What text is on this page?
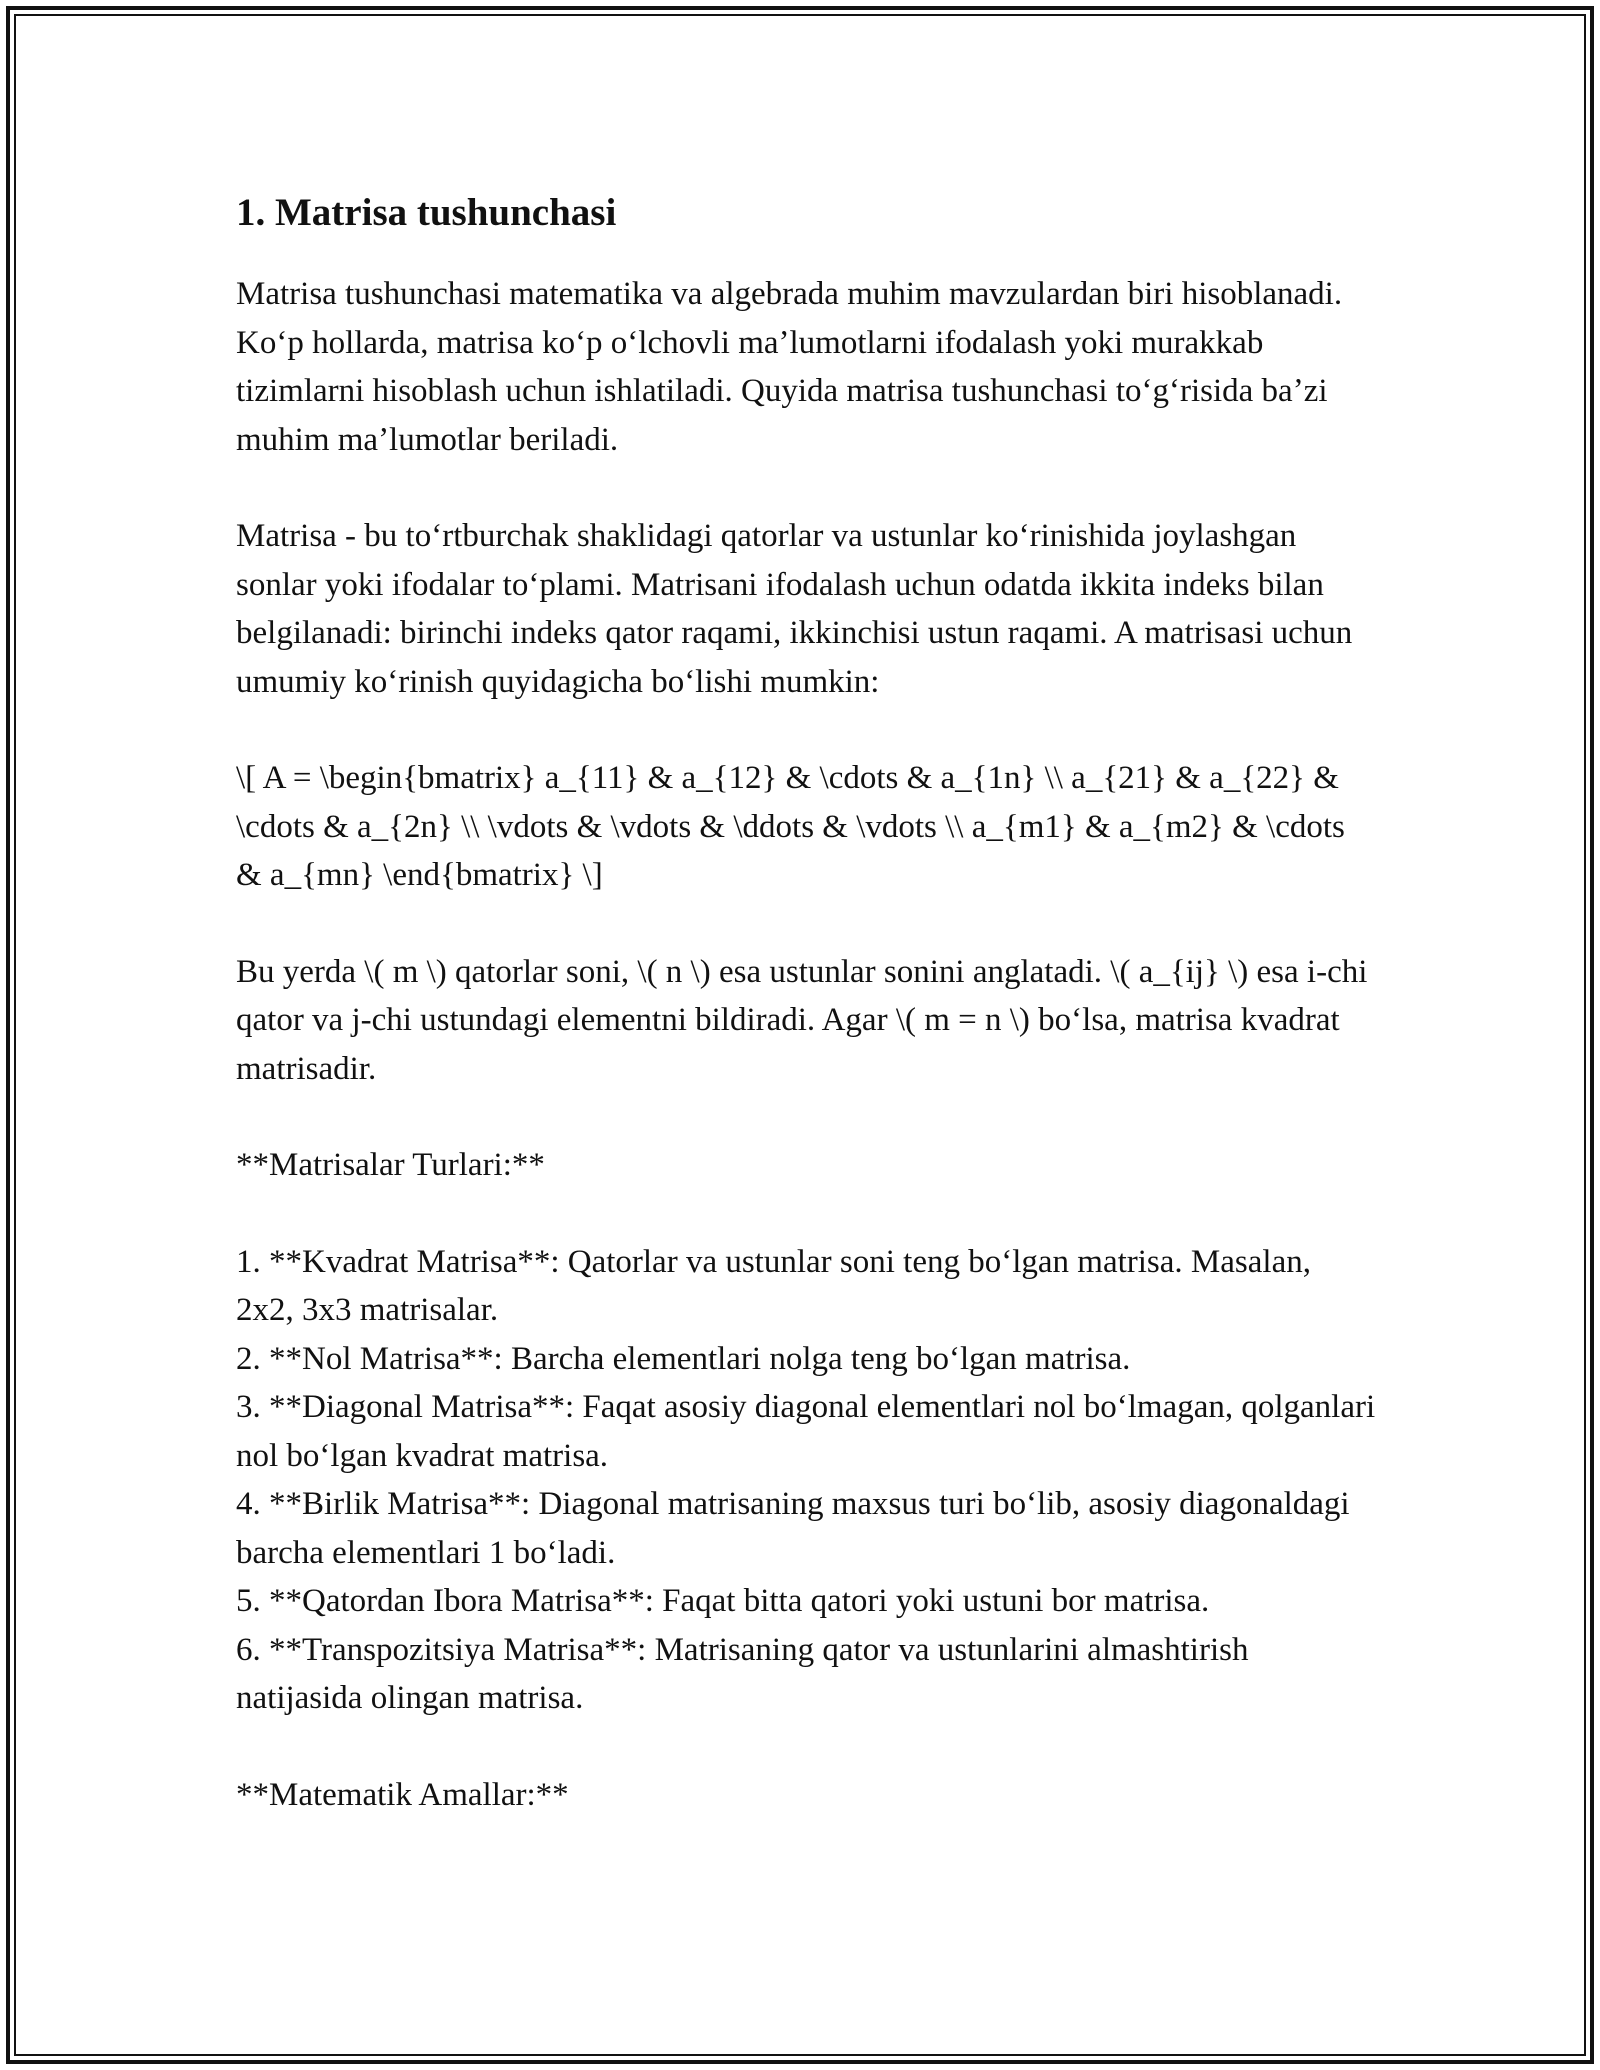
1. Matrisa tushunchasi

Matrisa tushunchasi matematika va algebrada muhim mavzulardan biri hisoblanadi. Koʻp hollarda, matrisa koʻp oʻlchovli maʼlumotlarni ifodalash yoki murakkab tizimlarni hisoblash uchun ishlatiladi. Quyida matrisa tushunchasi toʻgʻrisida baʼzi muhim maʼlumotlar beriladi.

Matrisa - bu toʻrtburchak shaklidagi qatorlar va ustunlar koʻrinishida joylashgan sonlar yoki ifodalar toʻplami. Matrisani ifodalash uchun odatda ikkita indeks bilan belgilanadi: birinchi indeks qator raqami, ikkinchisi ustun raqami. A matrisasi uchun umumiy koʻrinish quyidagicha boʻlishi mumkin:

\[ A = \begin{bmatrix} a_{11} & a_{12} & \cdots & a_{1n} \\ a_{21} & a_{22} & \cdots & a_{2n} \\ \vdots & \vdots & \ddots & \vdots \\ a_{m1} & a_{m2} & \cdots & a_{mn} \end{bmatrix} \]

Bu yerda \( m \) qatorlar soni, \( n \) esa ustunlar sonini anglatadi. \( a_{ij} \) esa i-chi qator va j-chi ustundagi elementni bildiradi. Agar \( m = n \) boʻlsa, matrisa kvadrat matrisadir.

**Matrisalar Turlari:**

1. **Kvadrat Matrisa**: Qatorlar va ustunlar soni teng boʻlgan matrisa. Masalan, 2x2, 3x3 matrisalar.
2. **Nol Matrisa**: Barcha elementlari nolga teng boʻlgan matrisa.
3. **Diagonal Matrisa**: Faqat asosiy diagonal elementlari nol boʻlmagan, qolganlari nol boʻlgan kvadrat matrisa.
4. **Birlik Matrisa**: Diagonal matrisaning maxsus turi boʻlib, asosiy diagonaldagi barcha elementlari 1 boʻladi.
5. **Qatordan Ibora Matrisa**: Faqat bitta qatori yoki ustuni bor matrisa.
6. **Transpozitsiya Matrisa**: Matrisaning qator va ustunlarini almashtirish natijasida olingan matrisa.

**Matematik Amallar:**
